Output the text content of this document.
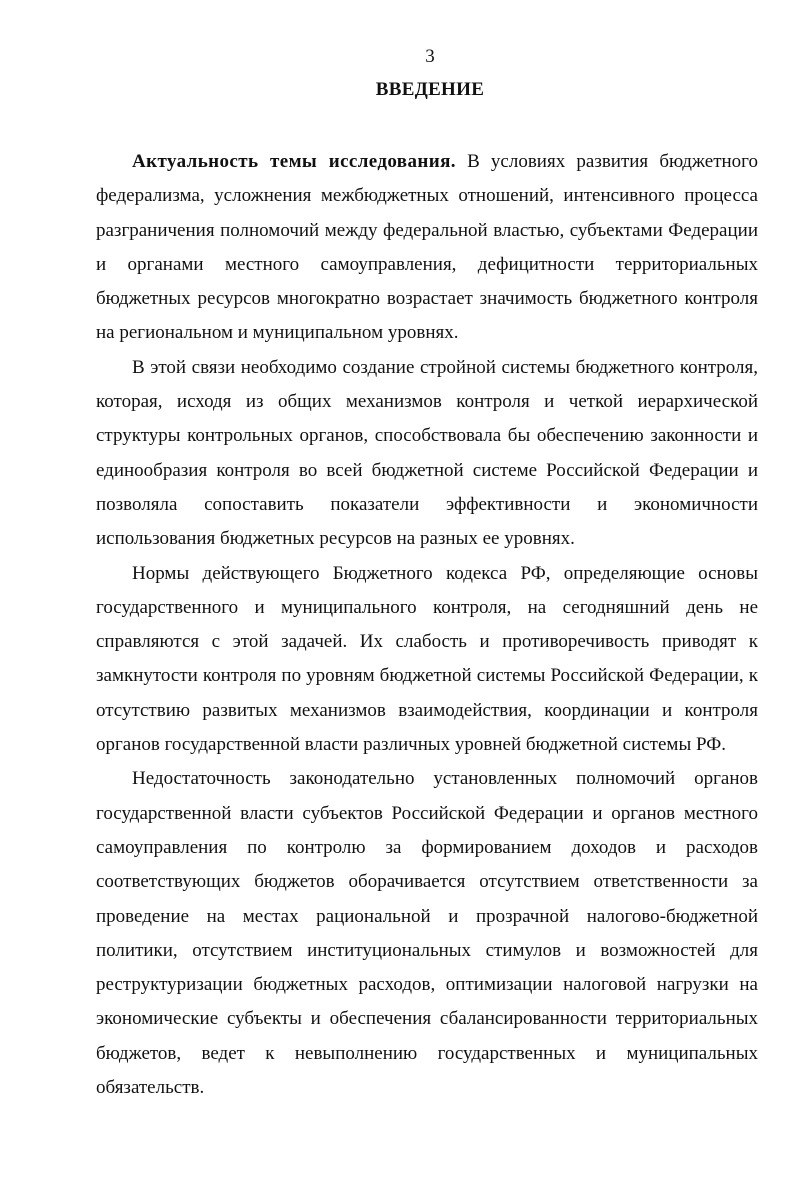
3
ВВЕДЕНИЕ

Актуальность темы исследования. В условиях развития бюджетного федерализма, усложнения межбюджетных отношений, интенсивного процесса разграничения полномочий между федеральной властью, субъектами Федерации и органами местного самоуправления, дефицитности территориальных бюджетных ресурсов многократно возрастает значимость бюджетного контроля на региональном и муниципальном уровнях.

В этой связи необходимо создание стройной системы бюджетного контроля, которая, исходя из общих механизмов контроля и четкой иерархической структуры контрольных органов, способствовала бы обеспечению законности и единообразия контроля во всей бюджетной системе Российской Федерации и позволяла сопоставить показатели эффективности и экономичности использования бюджетных ресурсов на разных ее уровнях.

Нормы действующего Бюджетного кодекса РФ, определяющие основы государственного и муниципального контроля, на сегодняшний день не справляются с этой задачей. Их слабость и противоречивость приводят к замкнутости контроля по уровням бюджетной системы Российской Федерации, к отсутствию развитых механизмов взаимодействия, координации и контроля органов государственной власти различных уровней бюджетной системы РФ.

Недостаточность законодательно установленных полномочий органов государственной власти субъектов Российской Федерации и органов местного самоуправления по контролю за формированием доходов и расходов соответствующих бюджетов оборачивается отсутствием ответственности за проведение на местах рациональной и прозрачной налогово-бюджетной политики, отсутствием институциональных стимулов и возможностей для реструктуризации бюджетных расходов, оптимизации налоговой нагрузки на экономические субъекты и обеспечения сбалансированности территориальных бюджетов, ведет к невыполнению государственных и муниципальных обязательств.
